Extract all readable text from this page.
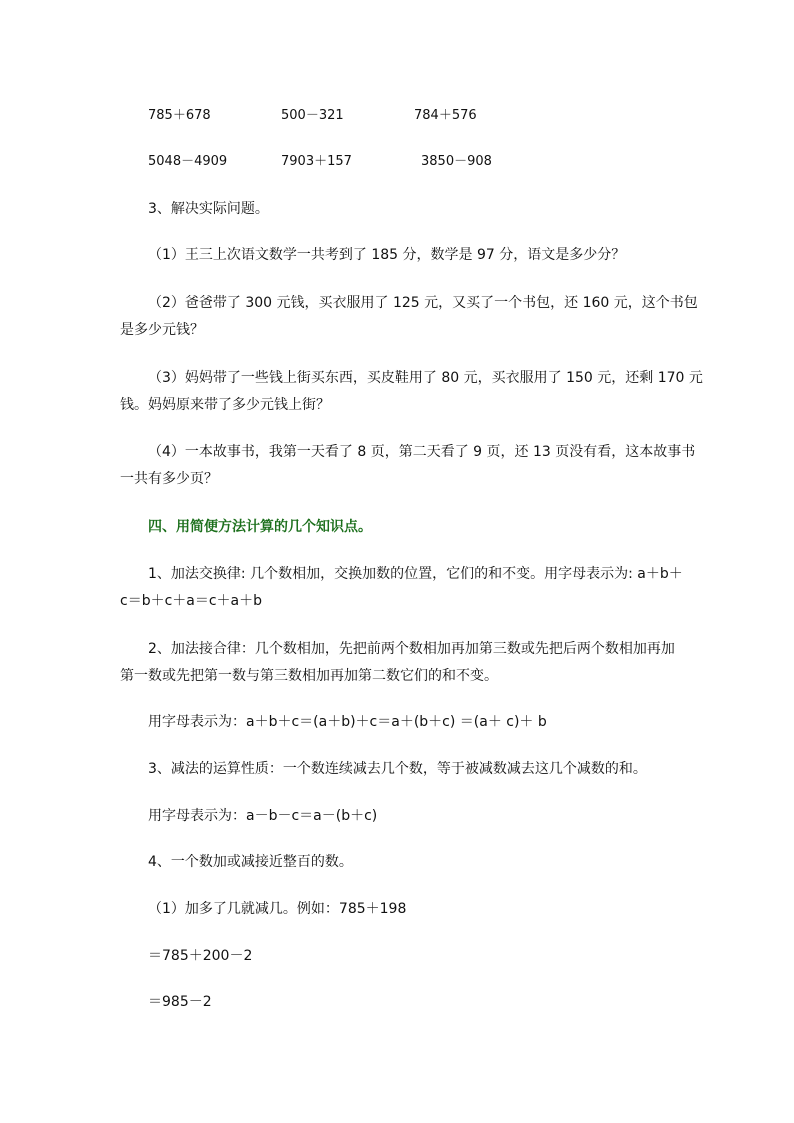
785＋678	500－321	784＋576
5048－4909	7903＋157	3850－908
3、解决实际问题。
（1）王三上次语文数学一共考到了 185 分，数学是 97 分，语文是多少分？
（2）爸爸带了 300 元钱，买衣服用了 125 元，又买了一个书包，还 160 元，这个书包
是多少元钱？
（3）妈妈带了一些钱上街买东西，买皮鞋用了 80 元，买衣服用了 150 元，还剩 170 元
钱。妈妈原来带了多少元钱上街？
（4）一本故事书，我第一天看了 8 页，第二天看了 9 页，还 13 页没有看，这本故事书
一共有多少页？
四、用简便方法计算的几个知识点。
1、加法交换律: 几个数相加，交换加数的位置，它们的和不变。用字母表示为: a＋b＋
c＝b＋c＋a＝c＋a＋b
2、加法接合律：几个数相加，先把前两个数相加再加第三数或先把后两个数相加再加
第一数或先把第一数与第三数相加再加第二数它们的和不变。
用字母表示为：a＋b＋c＝(a＋b)＋c＝a＋(b＋c) ＝(a＋ c)＋ b
3、减法的运算性质：一个数连续减去几个数，等于被减数减去这几个减数的和。
用字母表示为：a－b－c＝a－(b＋c)
4、一个数加或减接近整百的数。
（1）加多了几就减几。例如：785＋198
＝785＋200－2
＝985－2
